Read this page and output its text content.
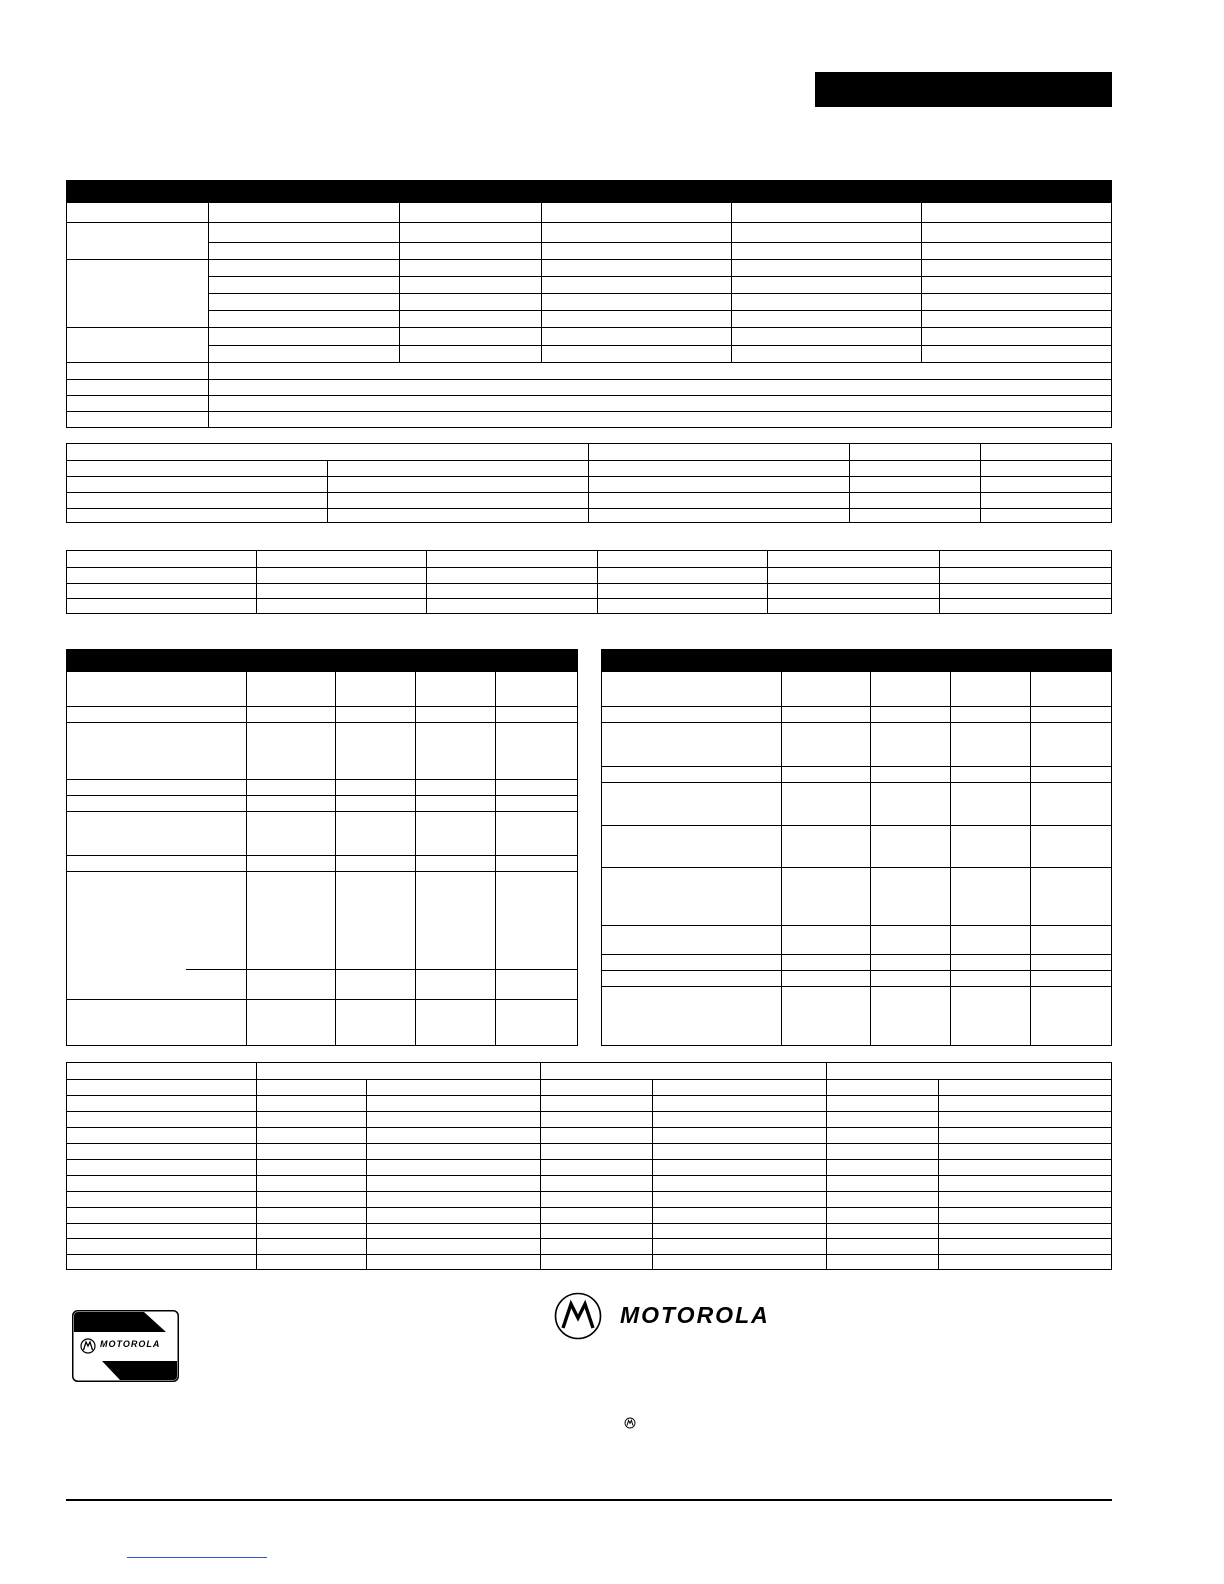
MOTOROLA
MOTOROLA
